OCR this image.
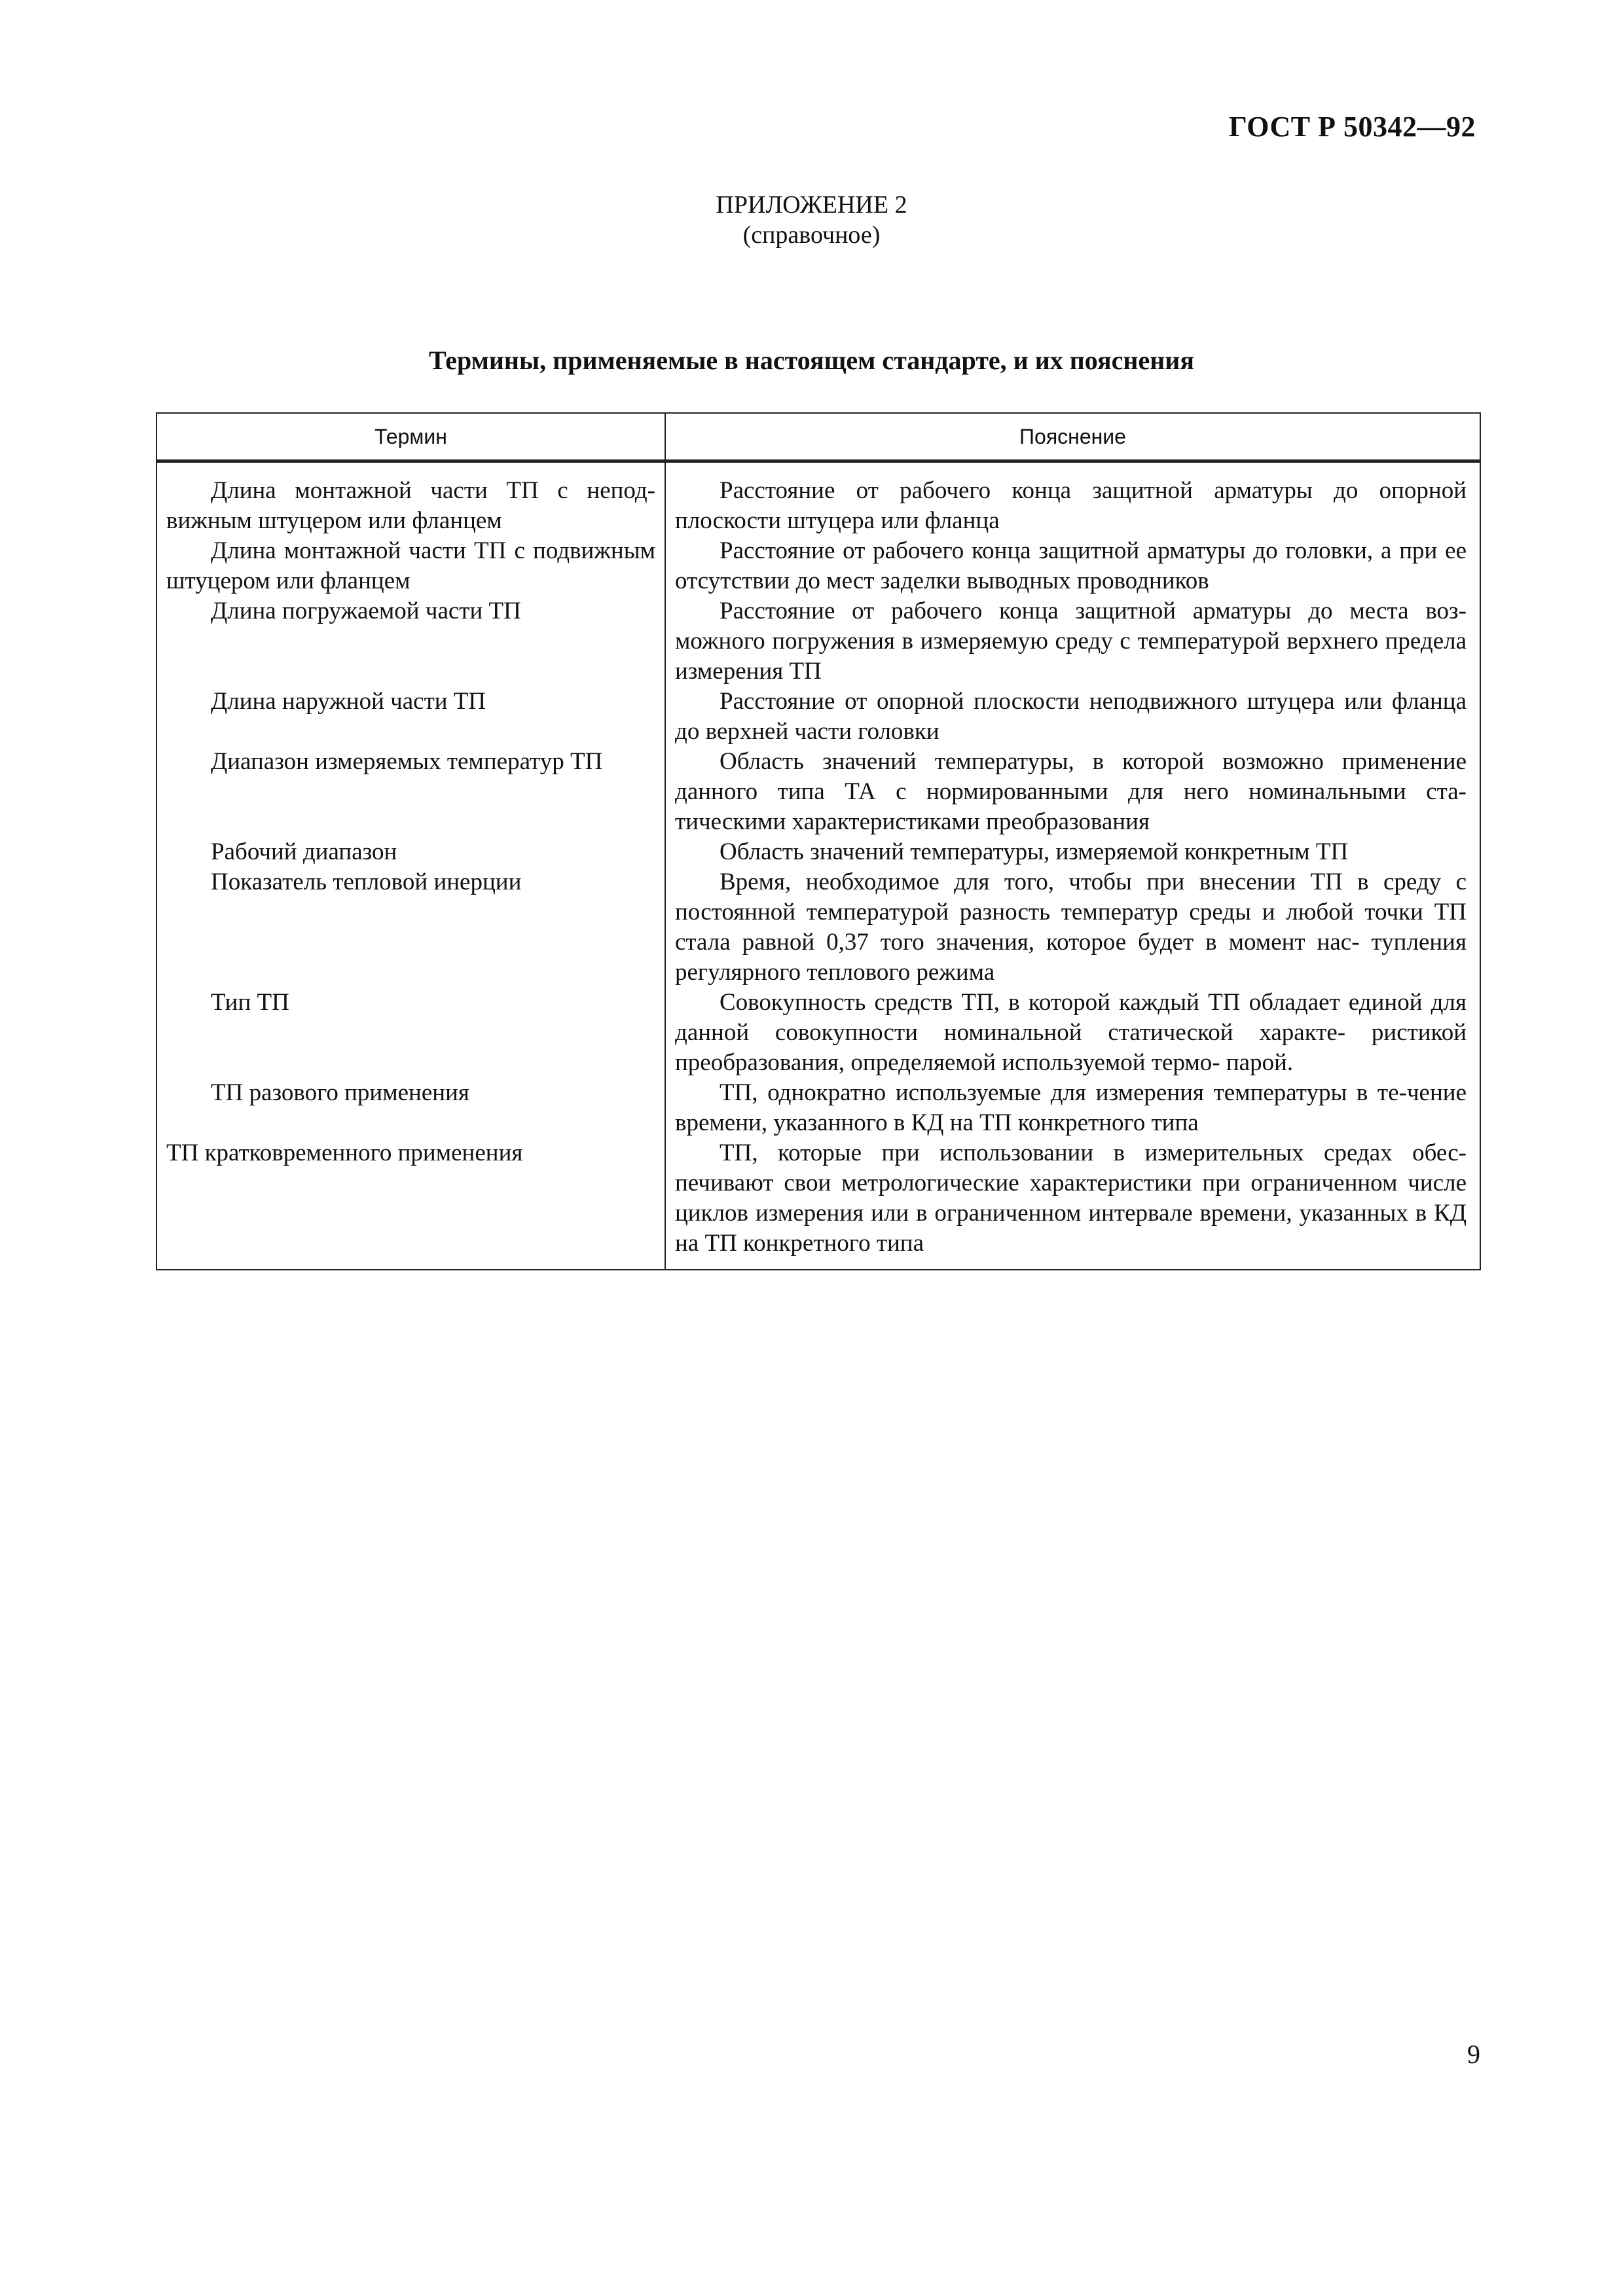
ГОСТ Р 50342—92
ПРИЛОЖЕНИЕ 2
(справочное)
Термины, применяемые в настоящем стандарте, и их пояснения
Термин	Пояснение

Длина монтажной части ТП с непод-вижным штуцером или фланцем	Расстояние от рабочего конца защитной арматуры до опорной плоскости штуцера или фланца

Длина монтажной части ТП с подвижным штуцером или фланцем	Расстояние от рабочего конца защитной арматуры до головки, а при ее отсутствии до мест заделки выводных проводников

Длина погружаемой части ТП	Расстояние от рабочего конца защитной арматуры до места воз-можного погружения в измеряемую среду с температурой верхнего предела измерения ТП

Длина наружной части ТП	Расстояние от опорной плоскости неподвижного штуцера или фланца до верхней части головки

Диапазон измеряемых температур ТП	Область значений температуры, в которой возможно применение данного типа ТА с нормированными для него номинальными ста- тическими характеристиками преобразования

Рабочий диапазон	Область значений температуры, измеряемой конкретным ТП

Показатель тепловой инерции	Время, необходимое для того, чтобы при внесении ТП в среду с постоянной температурой разность температур среды и любой точки ТП стала равной 0,37 того значения, которое будет в момент нас- тупления регулярного теплового режима

Тип ТП	Совокупность средств ТП, в которой каждый ТП обладает единой для данной совокупности номинальной статической характе- ристикой преобразования, определяемой используемой термо- парой.

ТП разового применения	ТП, однократно используемые для измерения температуры в те-чение времени, указанного в КД на ТП конкретного типа

ТП кратковременного применения	ТП, которые при использовании в измерительных средах обес-печивают свои метрологические характеристики при ограниченном числе циклов измерения или в ограниченном интервале времени, указанных в КД на ТП конкретного типа
9
